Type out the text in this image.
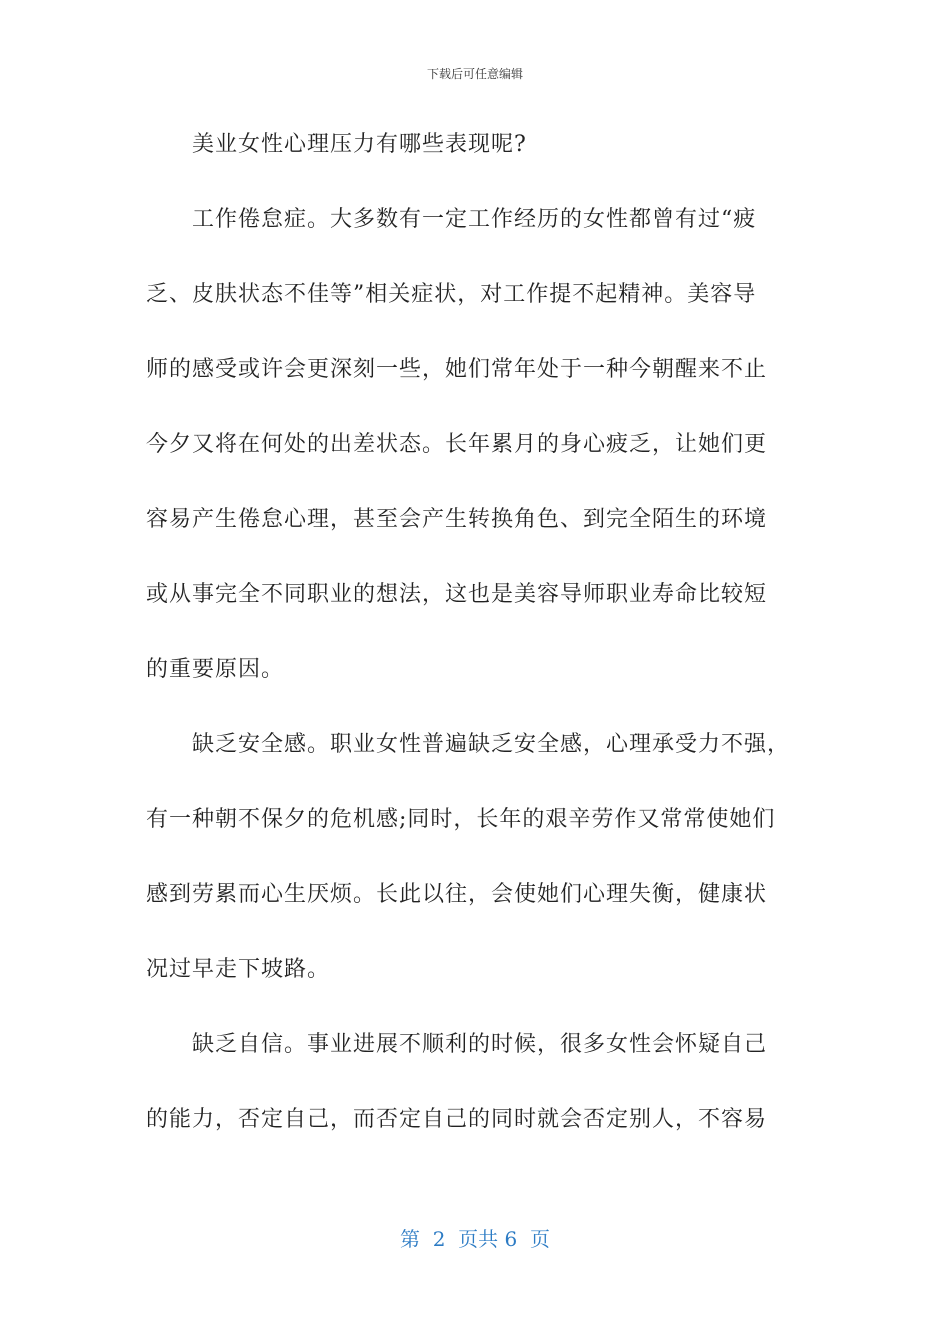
下载后可任意编辑
美业女性心理压力有哪些表现呢?
工作倦怠症。大多数有一定工作经历的女性都曾有过“疲
乏、皮肤状态不佳等”相关症状，对工作提不起精神。美容导
师的感受或许会更深刻一些，她们常年处于一种今朝醒来不止
今夕又将在何处的出差状态。长年累月的身心疲乏，让她们更
容易产生倦怠心理，甚至会产生转换角色、到完全陌生的环境
或从事完全不同职业的想法，这也是美容导师职业寿命比较短
的重要原因。
缺乏安全感。职业女性普遍缺乏安全感，心理承受力不强，
有一种朝不保夕的危机感;同时，长年的艰辛劳作又常常使她们
感到劳累而心生厌烦。长此以往，会使她们心理失衡，健康状
况过早走下坡路。
缺乏自信。事业进展不顺利的时候，很多女性会怀疑自己
的能力，否定自己，而否定自己的同时就会否定别人，不容易
第  2  页共 6  页
